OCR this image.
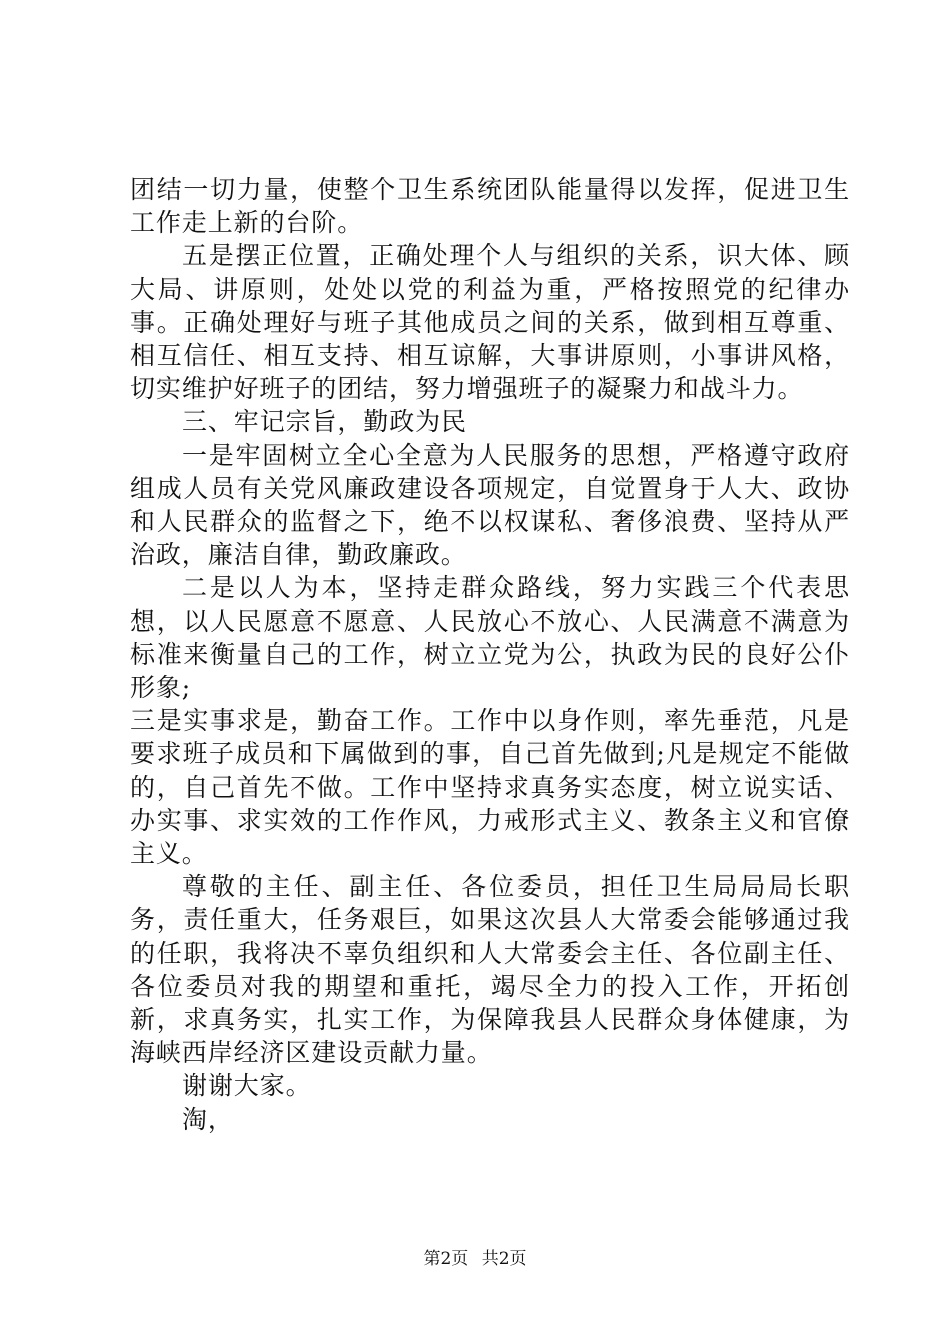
团结一切力量，使整个卫生系统团队能量得以发挥，促进卫生工作走上新的台阶。

五是摆正位置，正确处理个人与组织的关系，识大体、顾大局、讲原则，处处以党的利益为重，严格按照党的纪律办事。正确处理好与班子其他成员之间的关系，做到相互尊重、相互信任、相互支持、相互谅解，大事讲原则，小事讲风格，切实维护好班子的团结，努力增强班子的凝聚力和战斗力。

三、牢记宗旨，勤政为民

一是牢固树立全心全意为人民服务的思想，严格遵守政府组成人员有关党风廉政建设各项规定，自觉置身于人大、政协和人民群众的监督之下，绝不以权谋私、奢侈浪费、坚持从严治政，廉洁自律，勤政廉政。

二是以人为本，坚持走群众路线，努力实践三个代表思想，以人民愿意不愿意、人民放心不放心、人民满意不满意为标准来衡量自己的工作，树立立党为公，执政为民的良好公仆形象;

三是实事求是，勤奋工作。工作中以身作则，率先垂范，凡是要求班子成员和下属做到的事，自己首先做到;凡是规定不能做的，自己首先不做。工作中坚持求真务实态度，树立说实话、办实事、求实效的工作作风，力戒形式主义、教条主义和官僚主义。

尊敬的主任、副主任、各位委员，担任卫生局局局长职务，责任重大，任务艰巨，如果这次县人大常委会能够通过我的任职，我将决不辜负组织和人大常委会主任、各位副主任、各位委员对我的期望和重托，竭尽全力的投入工作，开拓创新，求真务实，扎实工作，为保障我县人民群众身体健康，为海峡西岸经济区建设贡献力量。

谢谢大家。

淘，

第2页 共2页
